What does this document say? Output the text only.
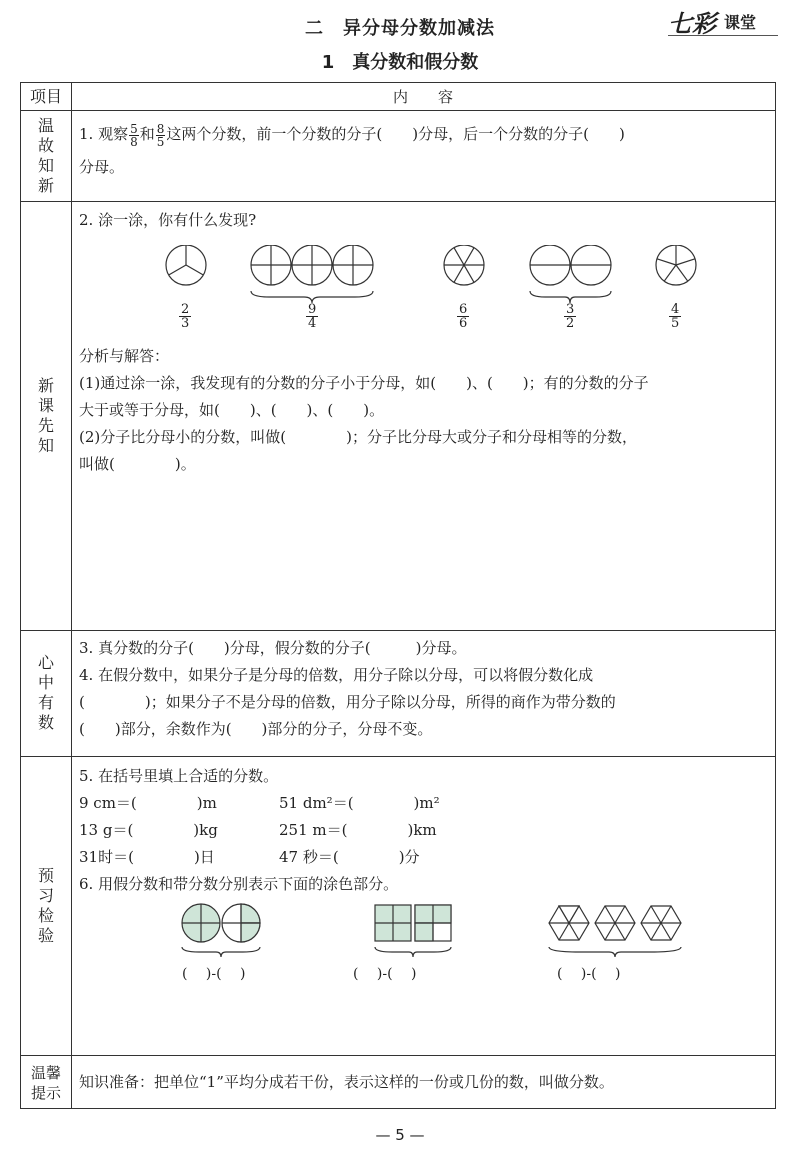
七彩 课堂
二　异分母分数加减法
1　真分数和假分数
项目	内　　容
温故知新
1. 观察 $\frac{5}{8}$ 和 $\frac{8}{5}$ 这两个分数，前一个分数的分子(　　)分母，后一个分数的分子(　　)
分母。
新课先知
2. 涂一涂，你有什么发现?
$\frac{2}{3}$	$\frac{9}{4}$	$\frac{6}{6}$	$\frac{3}{2}$	$\frac{4}{5}$
分析与解答：
(1)通过涂一涂，我发现有的分数的分子小于分母，如(　　)、(　　)；有的分数的分子
大于或等于分母，如(　　)、(　　)、(　　)。
(2)分子比分母小的分数，叫做(　　　　)；分子比分母大或分子和分母相等的分数，
叫做(　　　　)。
心中有数
3. 真分数的分子(　　)分母，假分数的分子(　　　)分母。
4. 在假分数中，如果分子是分母的倍数，用分子除以分母，可以将假分数化成
(　　　　)；如果分子不是分母的倍数，用分子除以分母，所得的商作为带分数的
(　　)部分，余数作为(　　)部分的分子，分母不变。
预习检验
5. 在括号里填上合适的分数。
9 cm＝(　　　　)m	51 dm²＝(　　　　)m²
13 g＝(　　　　)kg	251 m＝(　　　　)km
31时＝(　　　　)日	47 秒＝(　　　　)分
6. 用假分数和带分数分别表示下面的涂色部分。
(　 )-(　 )	(　 )-(　 )	(　 )-(　 )
温馨提示
知识准备：把单位“1”平均分成若干份，表示这样的一份或几份的数，叫做分数。
— 5 —
